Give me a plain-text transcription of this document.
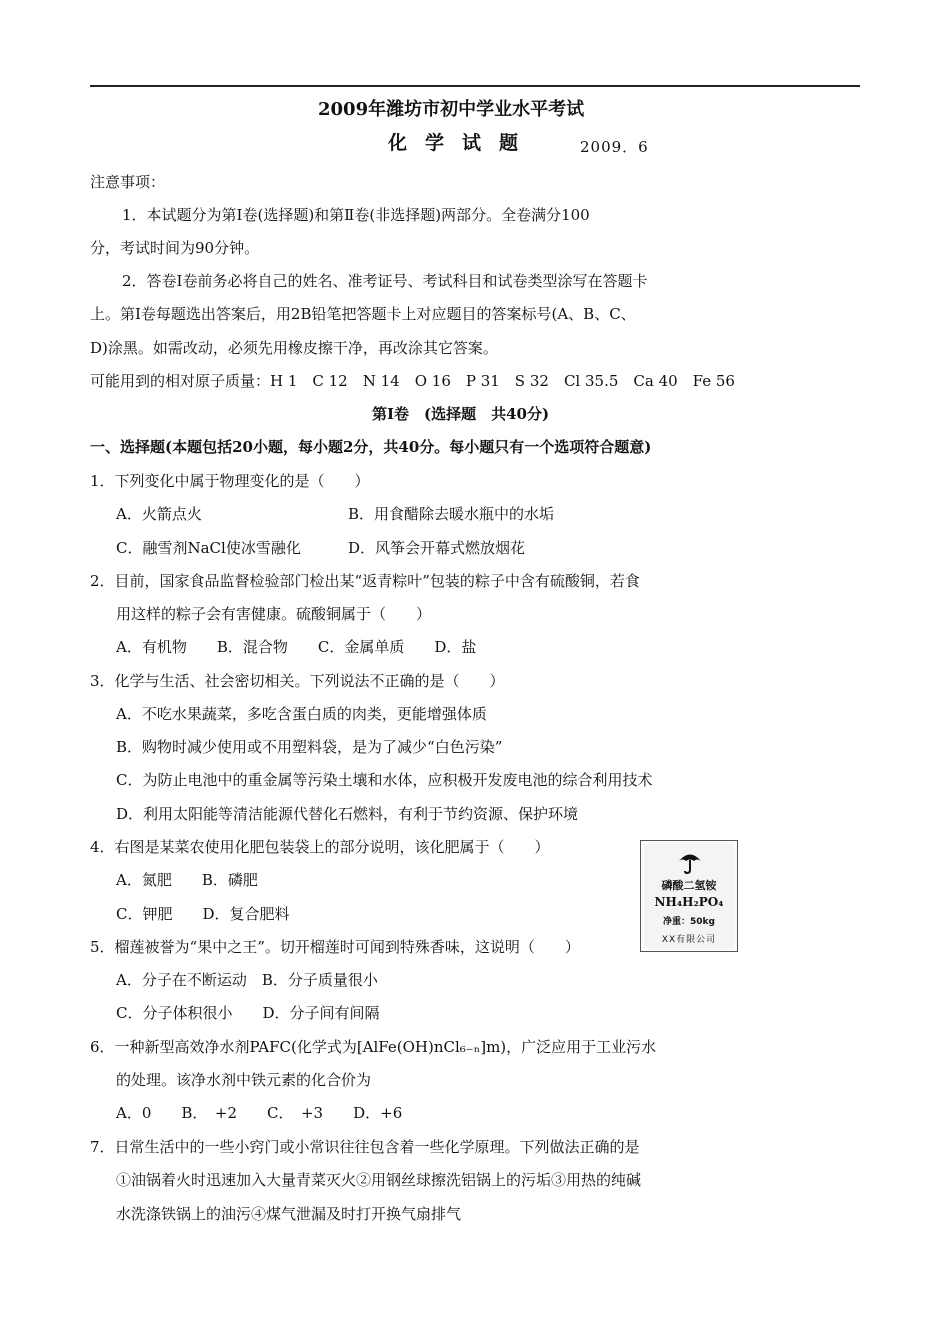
2009年潍坊市初中学业水平考试
化学试题	2009．6
注意事项：
1．本试题分为第Ⅰ卷(选择题)和第Ⅱ卷(非选择题)两部分。全卷满分100
分，考试时间为90分钟。
2．答卷Ⅰ卷前务必将自己的姓名、准考证号、考试科目和试卷类型涂写在答题卡
上。第Ⅰ卷每题选出答案后，用2B铅笔把答题卡上对应题目的答案标号(A、B、C、
D)涂黑。如需改动，必须先用橡皮擦干净，再改涂其它答案。
可能用到的相对原子质量：H 1　C 12　N 14　O 16　P 31　S 32　Cl 35.5　Ca 40　Fe 56
第Ⅰ卷　(选择题　共40分)
一、选择题(本题包括20小题，每小题2分，共40分。每小题只有一个选项符合题意)
1．下列变化中属于物理变化的是（　　）
A．火箭点火	B．用食醋除去暖水瓶中的水垢
C．融雪剂NaCl使冰雪融化	D．风筝会开幕式燃放烟花
2．目前，国家食品监督检验部门检出某“返青粽叶”包装的粽子中含有硫酸铜，若食
用这样的粽子会有害健康。硫酸铜属于（　　）
A．有机物　　B．混合物　　C．金属单质　　D．盐
3．化学与生活、社会密切相关。下列说法不正确的是（　　）
A．不吃水果蔬菜，多吃含蛋白质的肉类，更能增强体质
B．购物时减少使用或不用塑料袋，是为了减少“白色污染”
C．为防止电池中的重金属等污染土壤和水体，应积极开发废电池的综合利用技术
D．利用太阳能等清洁能源代替化石燃料，有利于节约资源、保护环境
4．右图是某菜农使用化肥包装袋上的部分说明，该化肥属于（　　）
A．氮肥　　B．磷肥
C．钾肥　　D．复合肥料
磷酸二氢铵
NH₄H₂PO₄
净重：50kg
XX有限公司
5．榴莲被誉为“果中之王”。切开榴莲时可闻到特殊香味，这说明（　　）
A．分子在不断运动　B．分子质量很小
C．分子体积很小　　D．分子间有间隔
6．一种新型高效净水剂PAFC(化学式为[AlFe(OH)nCl₆₋ₙ]m)，广泛应用于工业污水
的处理。该净水剂中铁元素的化合价为
A．0　　B．　+2　　C．　+3　　D．+6
7．日常生活中的一些小窍门或小常识往往包含着一些化学原理。下列做法正确的是
①油锅着火时迅速加入大量青菜灭火②用钢丝球擦洗铝锅上的污垢③用热的纯碱
水洗涤铁锅上的油污④煤气泄漏及时打开换气扇排气
